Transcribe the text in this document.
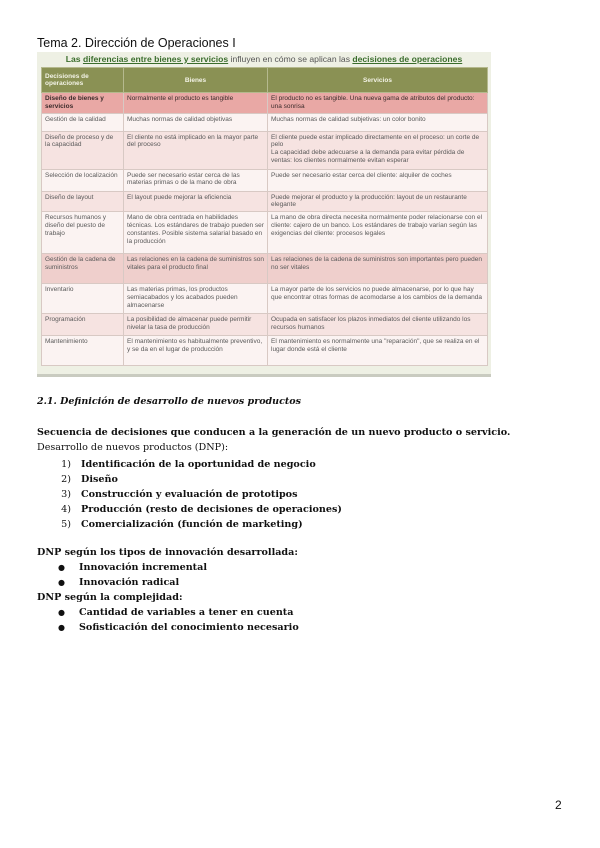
Tema 2. Dirección de Operaciones I
Las diferencias entre bienes y servicios influyen en cómo se aplican las decisiones de operaciones
Decisiones de operaciones	Bienes	Servicios
Diseño de bienes y servicios	Normalmente el producto es tangible	El producto no es tangible. Una nueva gama de atributos del producto: una sonrisa
Gestión de la calidad	Muchas normas de calidad objetivas	Muchas normas de calidad subjetivas: un color bonito
Diseño de proceso y de la capacidad	El cliente no está implicado en la mayor parte del proceso	El cliente puede estar implicado directamente en el proceso: un corte de pelo
La capacidad debe adecuarse a la demanda para evitar pérdida de ventas: los clientes normalmente evitan esperar
Selección de localización	Puede ser necesario estar cerca de las materias primas o de la mano de obra	Puede ser necesario estar cerca del cliente: alquiler de coches
Diseño de layout	El layout puede mejorar la eficiencia	Puede mejorar el producto y la producción: layout de un restaurante elegante
Recursos humanos y diseño del puesto de trabajo	Mano de obra centrada en habilidades técnicas. Los estándares de trabajo pueden ser constantes. Posible sistema salarial basado en la producción	La mano de obra directa necesita normalmente poder relacionarse con el cliente: cajero de un banco. Los estándares de trabajo varían según las exigencias del cliente: procesos legales
Gestión de la cadena de suministros	Las relaciones en la cadena de suministros son vitales para el producto final	Las relaciones de la cadena de suministros son importantes pero pueden no ser vitales
Inventario	Las materias primas, los productos semiacabados y los acabados pueden almacenarse	La mayor parte de los servicios no puede almacenarse, por lo que hay que encontrar otras formas de acomodarse a los cambios de la demanda
Programación	La posibilidad de almacenar puede permitir nivelar la tasa de producción	Ocupada en satisfacer los plazos inmediatos del cliente utilizando los recursos humanos
Mantenimiento	El mantenimiento es habitualmente preventivo, y se da en el lugar de producción	El mantenimiento es normalmente una "reparación", que se realiza en el lugar donde está el cliente
2.1. Definición de desarrollo de nuevos productos
Secuencia de decisiones que conducen a la generación de un nuevo producto o servicio.
Desarrollo de nuevos productos (DNP):
1) Identificación de la oportunidad de negocio
2) Diseño
3) Construcción y evaluación de prototipos
4) Producción (resto de decisiones de operaciones)
5) Comercialización (función de marketing)
DNP según los tipos de innovación desarrollada:
● Innovación incremental
● Innovación radical
DNP según la complejidad:
● Cantidad de variables a tener en cuenta
● Sofisticación del conocimiento necesario
2
